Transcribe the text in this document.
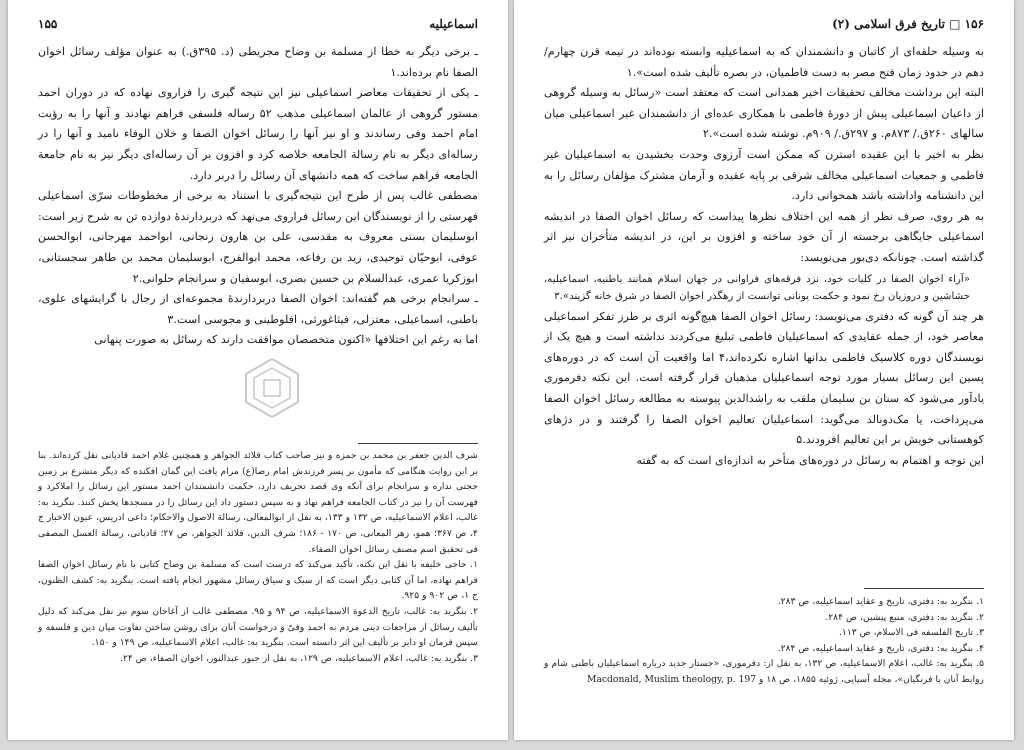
اسماعیلیه
۱۵۵

ـ برخی دیگر به خطا از مسلمة بن وضاح مجریطی (د. ۳۹۵ق.) به عنوان مؤلف رسائل اخوان الصفا نام برده‌اند.۱

ـ یکی از تحقیقات معاصر اسماعیلی نیز این نتیجه گیری را فراروی نهاده که در دوران احمد مستور گروهی از عالمان اسماعیلی مذهب ۵۲ رساله فلسفی فراهم نهادند و آنها را به رؤیت امام احمد وفی رساندند و او نیز آنها را رسائل اخوان الصفا و خلان الوفاء نامید و آنها را در رساله‌ای دیگر به نام رسالة الجامعه خلاصه کرد و افزون بر آن رساله‌ای دیگر نیز به نام جامعة الجامعه فراهم ساخت که همه دانشهای آن رسائل را دربر دارد.

مصطفی غالب پس از طرح این نتیجه‌گیری با استناد به برخی از مخطوطات سرّی اسماعیلی فهرستی را از نویسندگان این رسائل فراروی می‌نهد که دربردارندهٔ دوازده تن به شرح زیر است: ابوسلیمان بستی معروف به مقدسی، علی بن هارون زنجانی، ابواحمد مهرجانی، ابوالحسن عوفی، ابوحیّان توحیدی، زید بن رفاعه، محمد ابوالفرج، ابوسلیمان محمد بن طاهر سجستانی، ابوزکریا عمری، عبدالسلام بن حسین بصری، ابوسفیان و سرانجام حلوانی.۲

ـ سرانجام برخی هم گفته‌اند: اخوان الصفا دربردارندهٔ مجموعه‌ای از رجال با گرایشهای علوی، باطنی، اسماعیلی، معتزلی، فیثاغورثی، افلوطینی و مجوسی است.۳

اما به رغم این اختلافها «اکنون متخصصان موافقت دارند که رسائل به صورت پنهانی

شرف الدین جعفر بن محمد بن حمزه و نیز صاحب کتاب قلائد الجواهر و همچنین غلام احمد قادیانی نقل کرده‌اند. بنا بر این روایت هنگامی که مأمون بر پسر فرزندش امام رضا(ع) مرام یافت این گمان افکنده که دیگر متشرع بر زمین حجتی نداره و سرانجام برای آنکه وی قصد تحریف دارد، حکمت دانشمندان احمد مستور این رسائل را املاکرد و فهرست آن را نیز در کتاب الجامعه فراهم نهاد و به سپس دستور داد این رسائل را در مسجدها پخش کنند. بنگرید به: غالب، اعلام الاسماعیلیه، ص ۱۳۲ و ۱۳۳، به نقل از ابوالمعالی، رسالة الاصول والاحکام؛ داعی ادریس، عیون الاخبار ج ۴، ص ۳۶۷؛ همو، زهر المعانی، ص ۱۷۰ - ۱۸۶؛ شرف الدین، قلائد الجواهر، ص ۲۷؛ قادیانی، رسالة العسل المصفی فی تحقیق اسم مصنف رسائل اخوان الصفاء.

۱. حاجی خلیفه با نقل این نکته، تأکید می‌کند که درست است که مسلمة بن وضاح کتابی با نام رسائل اخوان الصفا فراهم نهاده، اما آن کتابی دیگر است که از سبک و سیاق رسائل مشهور انجام یافته است. بنگرید به: کشف الظنون، ج ۱، ص ۹۰۲ و ۹۲۵.

۲. بنگرید به: غالب، تاریخ الدعوة الاسماعیلیه، ص ۹۴ و ۹۵. مصطفی غالب از آغاخان سوم نیز نقل می‌کند که دلیل تألیف رسائل از مراجعات دینی مردم به احمد وفیّ و درخواست آنان برای روشن ساختن تفاوت میان دین و فلسفه و سپس فرمان او دایر بر تألیف این اثر دانسته است. بنگرید به: غالب، اعلام الاسماعیلیه، ص ۱۴۹ و ۱۵۰.

۳. بنگرید به: غالب، اعلام الاسماعیلیه، ص ۱۲۹، به نقل از جبور عبدالنور، اخوان الصفاء، ص ۲۴.

۱۵۶ □ تاریخ فرق اسلامی (۲)

به وسیله حلقه‌ای از کاتبان و دانشمندان که به اسماعیلیه وابسته بوده‌اند در نیمه قرن چهارم/دهم در حدود زمان فتح مصر به دست فاطمیان، در بصره تألیف شده است».۱

البته این برداشت مخالف تحقیقات اخیر همدانی است که معتقد است «رسائل به وسیله گروهی از داعیان اسماعیلی پیش از دورهٔ فاطمی با همکاری عده‌ای از دانشمندان غیر اسماعیلی میان سالهای ۲۶۰ق./ ۸۷۳م. و ۲۹۷ق./ ۹۰۹م. نوشته شده است».۲

نظر به اخیر با این عقیده استرن که ممکن است آرزوی وحدت بخشیدن به اسماعیلیان غیر فاطمی و جمعیات اسماعیلی مخالف شرقی بر پایه عقیده و آرمان مشترک مؤلفان رسائل را به این دانشنامه واداشته باشد همخوانی دارد.

به هر روی، صرف نظر از همه این اختلاف نظرها پیداست که رسائل اخوان الصفا در اندیشه اسماعیلی جایگاهی برجسته از آن خود ساخته و افزون بر این، در اندیشه متأخران نیز اثر گذاشته است. چونانکه دی‌بور می‌نویسد:

«آراء اخوان الصفا در کلیات خود، نزد فرقه‌های فراوانی در جهان اسلام همانند باطنیه، اسماعیلیه، حشاشین و دروزیان رخ نمود و حکمت یونانی توانست از رهگذر اخوان الصفا در شرق خانه گزیند».۳

هر چند آن گونه که دفتری می‌نویسد: رسائل اخوان الصفا هیچ‌گونه اثری بر طرز تفکر اسماعیلی معاصر خود، از جمله عقایدی که اسماعیلیان فاطمی تبلیغ می‌کردند نداشته است و هیچ یک از نویسندگان دوره کلاسیک فاطمی بدانها اشاره نکرده‌اند،۴ اما واقعیت آن است که در دوره‌های پسین این رسائل بسیار مورد توجه اسماعیلیان مذهبان قرار گرفته است. این نکته دفرموری یادآور می‌شود که سنان بن سلیمان ملقب به راشدالدین پیوسته به مطالعه رسائل اخوان الصفا می‌پرداخت، یا مک‌دونالد می‌گوید: اسماعیلیان تعالیم اخوان الصفا را گرفتند و در دژهای کوهستانی خویش بر این تعالیم افزودند.۵

این توجه و اهتمام به رسائل در دوره‌های متأخر به اندازه‌ای است که به گفته

۱. بنگرید به: دفتری، تاریخ و عقاید اسماعیلیه، ص ۲۸۳.

۲. بنگرید به: دفتری، منبع پیشین، ص ۲۸۴.

۳. تاریخ الفلسفه فی الاسلام، ص ۱۱۳.

۴. بنگرید به: دفتری، تاریخ و عقاید اسماعیلیه، ص ۲۸۴.

۵. بنگرید به: غالب، اعلام الاسماعیلیه، ص ۱۳۲، به نقل از: دفرموری، «جستار جدید درباره اسماعیلیان باطنی شام و روابط آنان با فرنگیان»، مجله آسیایی، ژوئیه ۱۸۵۵، ص ۱۸ و Macdonald, Muslim theology, p. 197
